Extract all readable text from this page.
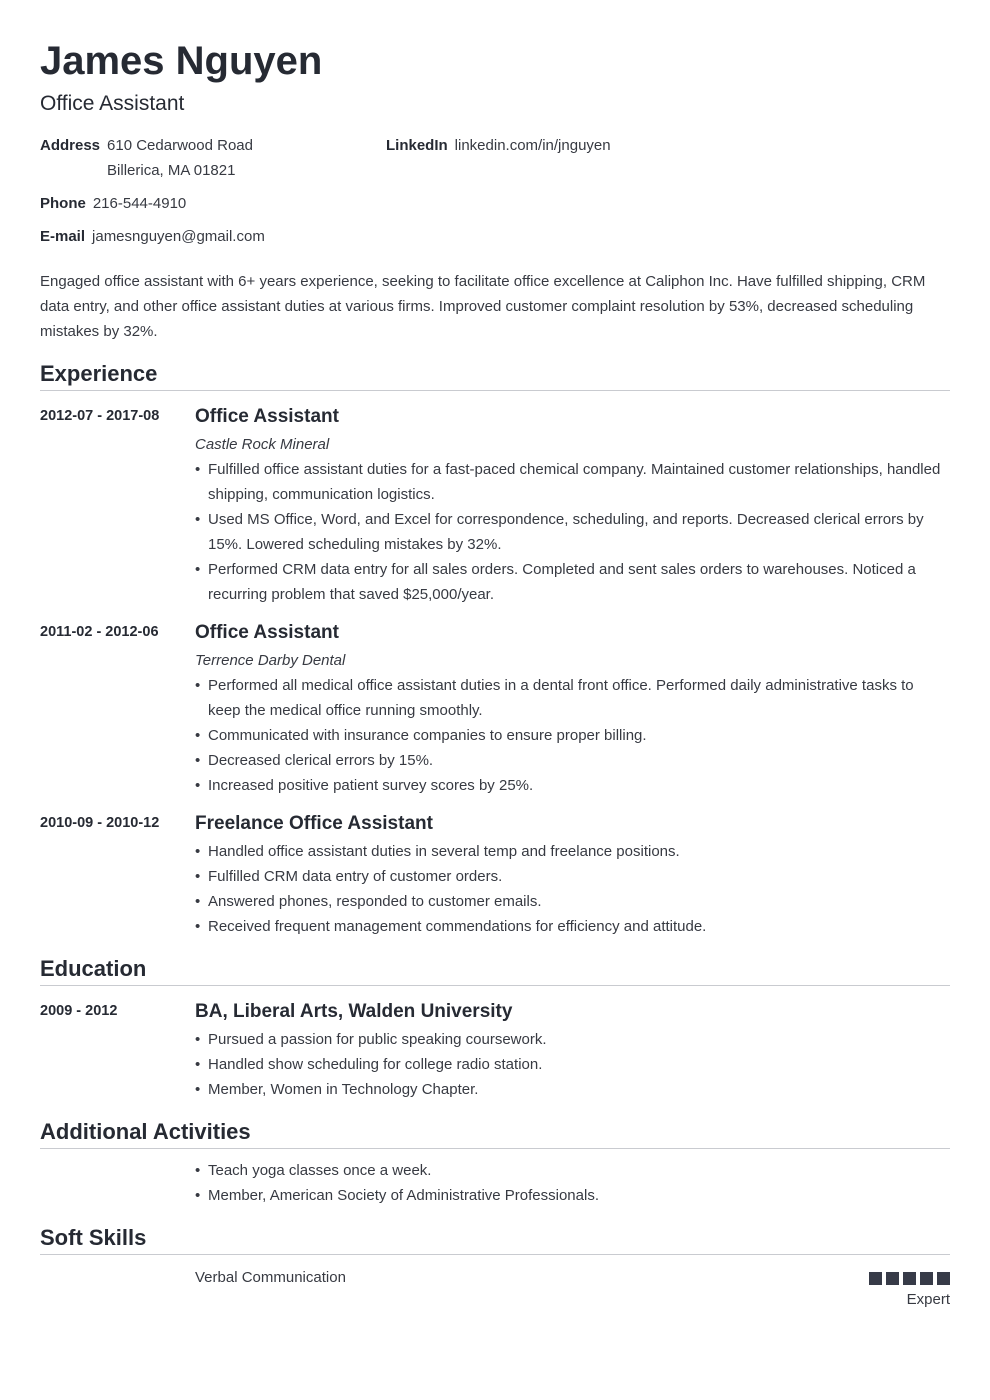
James Nguyen
Office Assistant
Address 610 Cedarwood Road
Billerica, MA 01821
LinkedIn linkedin.com/in/jnguyen
Phone 216-544-4910
E-mail jamesnguyen@gmail.com
Engaged office assistant with 6+ years experience, seeking to facilitate office excellence at Caliphon Inc. Have fulfilled shipping, CRM data entry, and other office assistant duties at various firms. Improved customer complaint resolution by 53%, decreased scheduling mistakes by 32%.
Experience
2012-07 - 2017-08	Office Assistant
Castle Rock Mineral
• Fulfilled office assistant duties for a fast-paced chemical company. Maintained customer relationships, handled shipping, communication logistics.
• Used MS Office, Word, and Excel for correspondence, scheduling, and reports. Decreased clerical errors by 15%. Lowered scheduling mistakes by 32%.
• Performed CRM data entry for all sales orders. Completed and sent sales orders to warehouses. Noticed a recurring problem that saved $25,000/year.
2011-02 - 2012-06	Office Assistant
Terrence Darby Dental
• Performed all medical office assistant duties in a dental front office. Performed daily administrative tasks to keep the medical office running smoothly.
• Communicated with insurance companies to ensure proper billing.
• Decreased clerical errors by 15%.
• Increased positive patient survey scores by 25%.
2010-09 - 2010-12	Freelance Office Assistant
• Handled office assistant duties in several temp and freelance positions.
• Fulfilled CRM data entry of customer orders.
• Answered phones, responded to customer emails.
• Received frequent management commendations for efficiency and attitude.
Education
2009 - 2012	BA, Liberal Arts, Walden University
• Pursued a passion for public speaking coursework.
• Handled show scheduling for college radio station.
• Member, Women in Technology Chapter.
Additional Activities
• Teach yoga classes once a week.
• Member, American Society of Administrative Professionals.
Soft Skills
Verbal Communication
Expert
